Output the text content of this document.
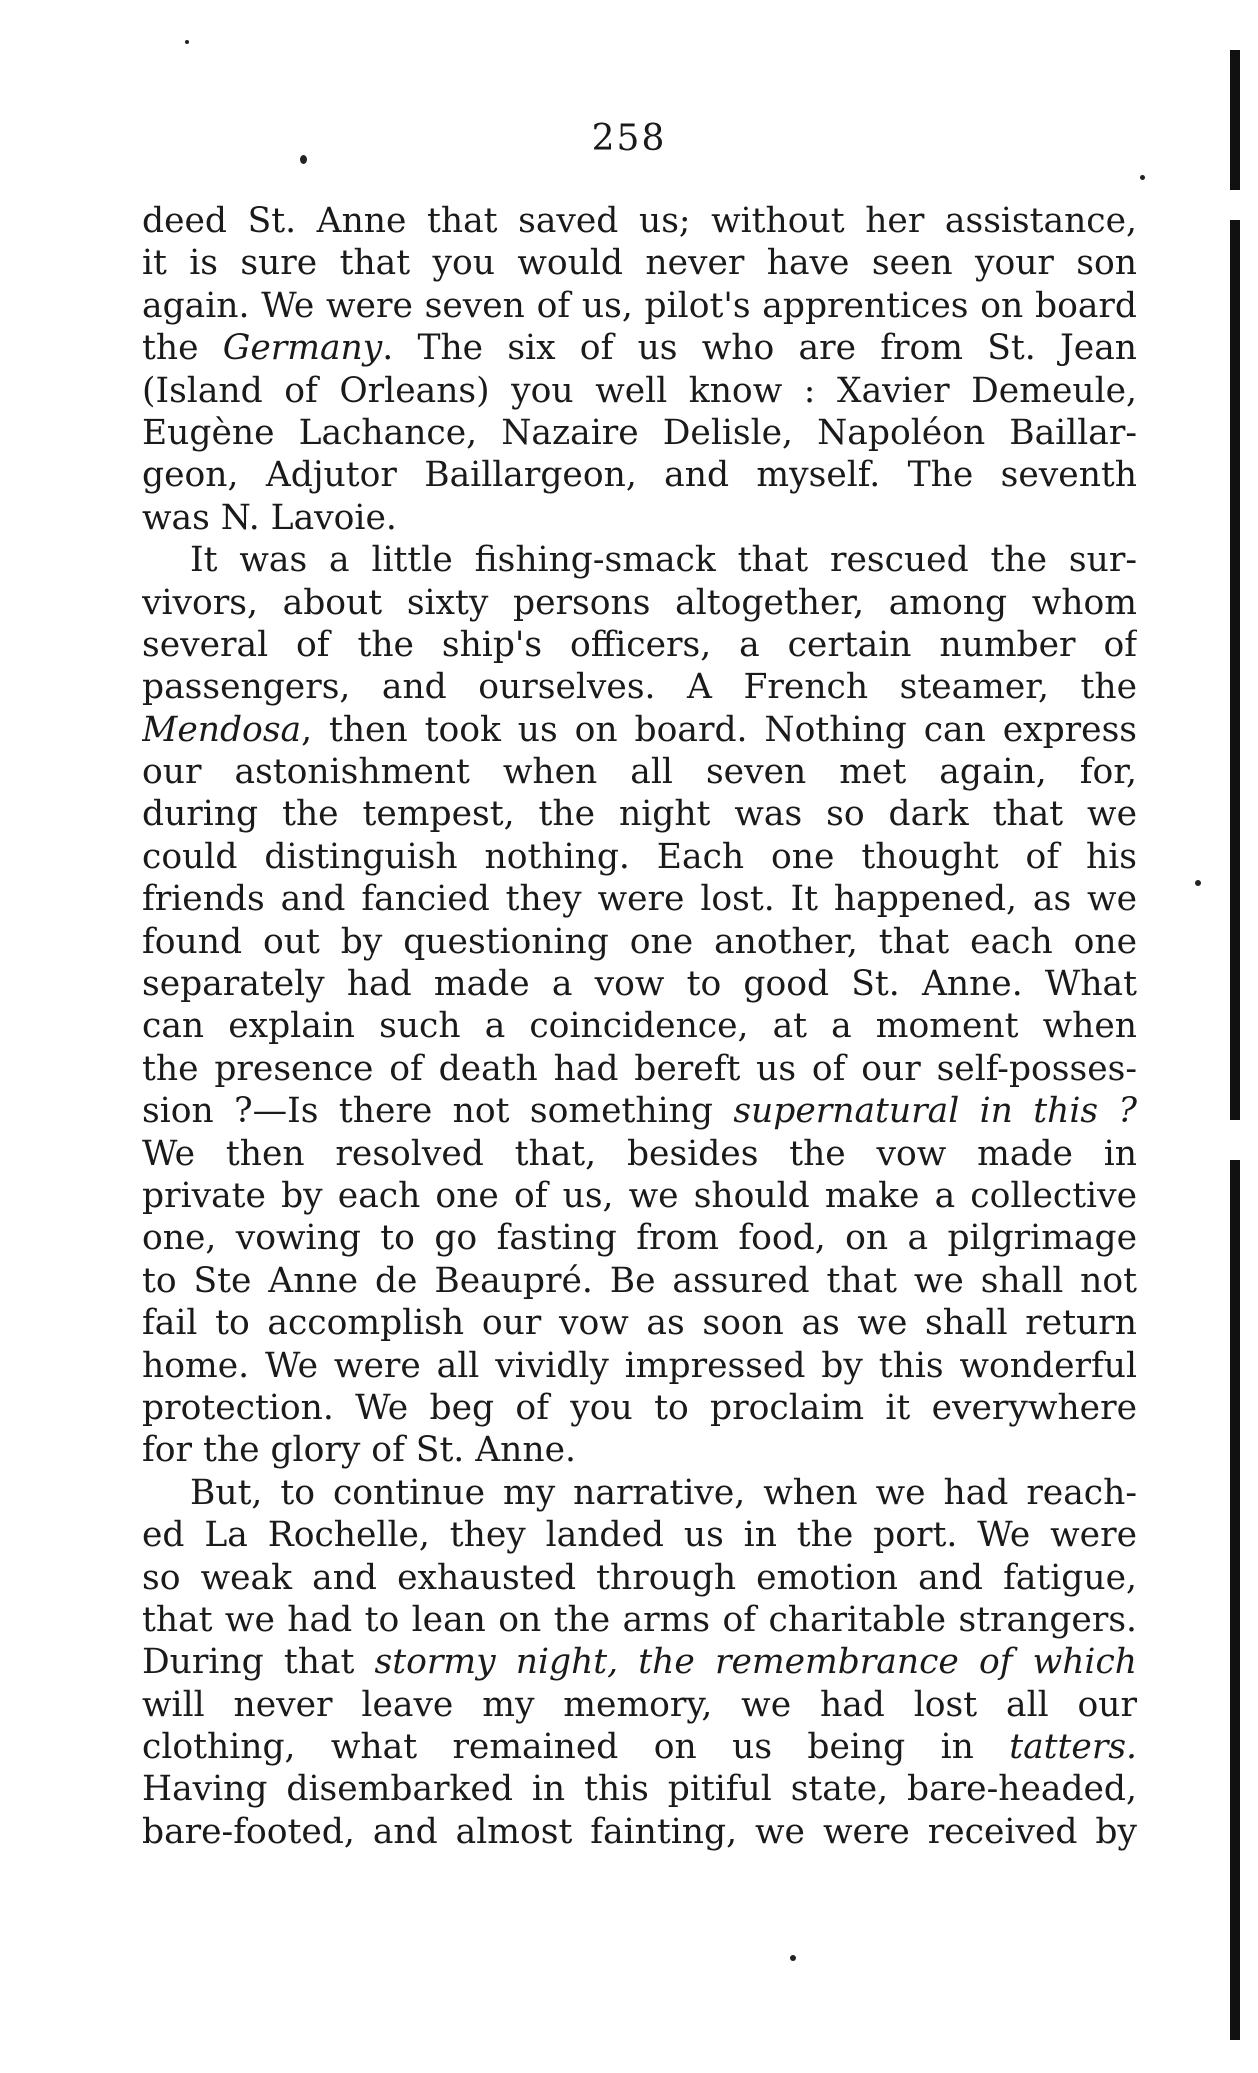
258
deed St. Anne that saved us; without her assistance,
it is sure that you would never have seen your son
again. We were seven of us, pilot's apprentices on board
the Germany. The six of us who are from St. Jean
(Island of Orleans) you well know : Xavier Demeule,
Eugène Lachance, Nazaire Delisle, Napoléon Baillar-
geon, Adjutor Baillargeon, and myself. The seventh
was N. Lavoie.
It was a little fishing-smack that rescued the sur-
vivors, about sixty persons altogether, among whom
several of the ship's officers, a certain number of
passengers, and ourselves. A French steamer, the
Mendosa, then took us on board. Nothing can express
our astonishment when all seven met again, for,
during the tempest, the night was so dark that we
could distinguish nothing. Each one thought of his
friends and fancied they were lost. It happened, as we
found out by questioning one another, that each one
separately had made a vow to good St. Anne. What
can explain such a coincidence, at a moment when
the presence of death had bereft us of our self-posses-
sion ?—Is there not something supernatural in this ?
We then resolved that, besides the vow made in
private by each one of us, we should make a collective
one, vowing to go fasting from food, on a pilgrimage
to Ste Anne de Beaupré. Be assured that we shall not
fail to accomplish our vow as soon as we shall return
home. We were all vividly impressed by this wonderful
protection. We beg of you to proclaim it everywhere
for the glory of St. Anne.
But, to continue my narrative, when we had reach-
ed La Rochelle, they landed us in the port. We were
so weak and exhausted through emotion and fatigue,
that we had to lean on the arms of charitable strangers.
During that stormy night, the remembrance of which
will never leave my memory, we had lost all our
clothing, what remained on us being in tatters.
Having disembarked in this pitiful state, bare-headed,
bare-footed, and almost fainting, we were received by
